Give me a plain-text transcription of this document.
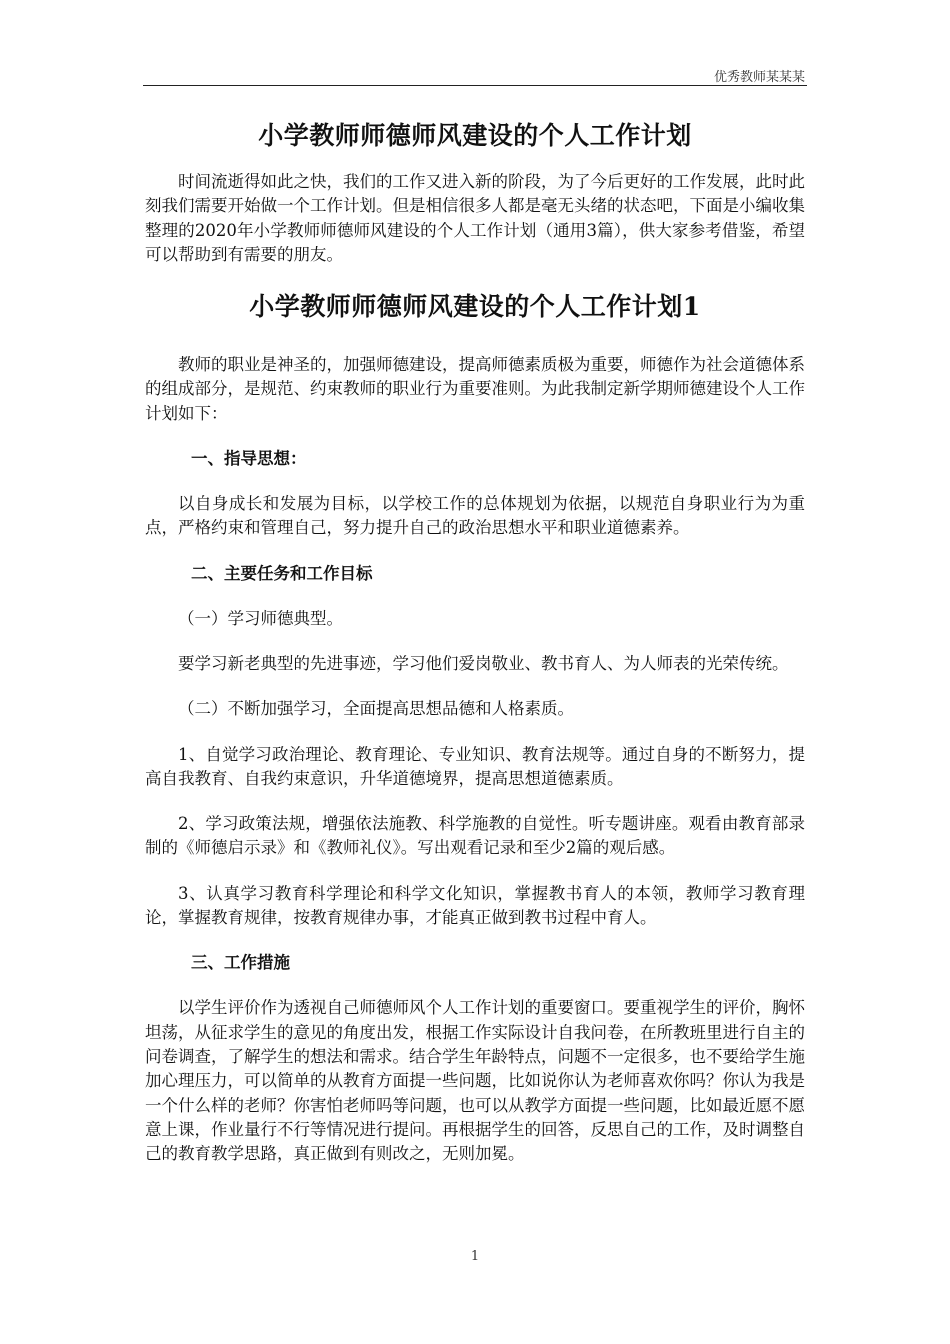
优秀教师某某某
小学教师师德师风建设的个人工作计划

时间流逝得如此之快，我们的工作又进入新的阶段，为了今后更好的工作发展，此时此刻我们需要开始做一个工作计划。但是相信很多人都是毫无头绪的状态吧，下面是小编收集整理的2020年小学教师师德师风建设的个人工作计划（通用3篇），供大家参考借鉴，希望可以帮助到有需要的朋友。

小学教师师德师风建设的个人工作计划1

教师的职业是神圣的，加强师德建设，提高师德素质极为重要，师德作为社会道德体系的组成部分，是规范、约束教师的职业行为重要准则。为此我制定新学期师德建设个人工作计划如下：

一、指导思想：

以自身成长和发展为目标，以学校工作的总体规划为依据，以规范自身职业行为为重点，严格约束和管理自己，努力提升自己的政治思想水平和职业道德素养。

二、主要任务和工作目标

（一）学习师德典型。

要学习新老典型的先进事迹，学习他们爱岗敬业、教书育人、为人师表的光荣传统。

（二）不断加强学习，全面提高思想品德和人格素质。

1、自觉学习政治理论、教育理论、专业知识、教育法规等。通过自身的不断努力，提高自我教育、自我约束意识，升华道德境界，提高思想道德素质。

2、学习政策法规，增强依法施教、科学施教的自觉性。听专题讲座。观看由教育部录制的《师德启示录》和《教师礼仪》。写出观看记录和至少2篇的观后感。

3、认真学习教育科学理论和科学文化知识，掌握教书育人的本领，教师学习教育理论，掌握教育规律，按教育规律办事，才能真正做到教书过程中育人。

三、工作措施

以学生评价作为透视自己师德师风个人工作计划的重要窗口。要重视学生的评价，胸怀坦荡，从征求学生的意见的角度出发，根据工作实际设计自我问卷，在所教班里进行自主的问卷调查，了解学生的想法和需求。结合学生年龄特点，问题不一定很多，也不要给学生施加心理压力，可以简单的从教育方面提一些问题，比如说你认为老师喜欢你吗？你认为我是一个什么样的老师？你害怕老师吗等问题，也可以从教学方面提一些问题，比如最近愿不愿意上课，作业量行不行等情况进行提问。再根据学生的回答，反思自己的工作，及时调整自己的教育教学思路，真正做到有则改之，无则加冕。

1
